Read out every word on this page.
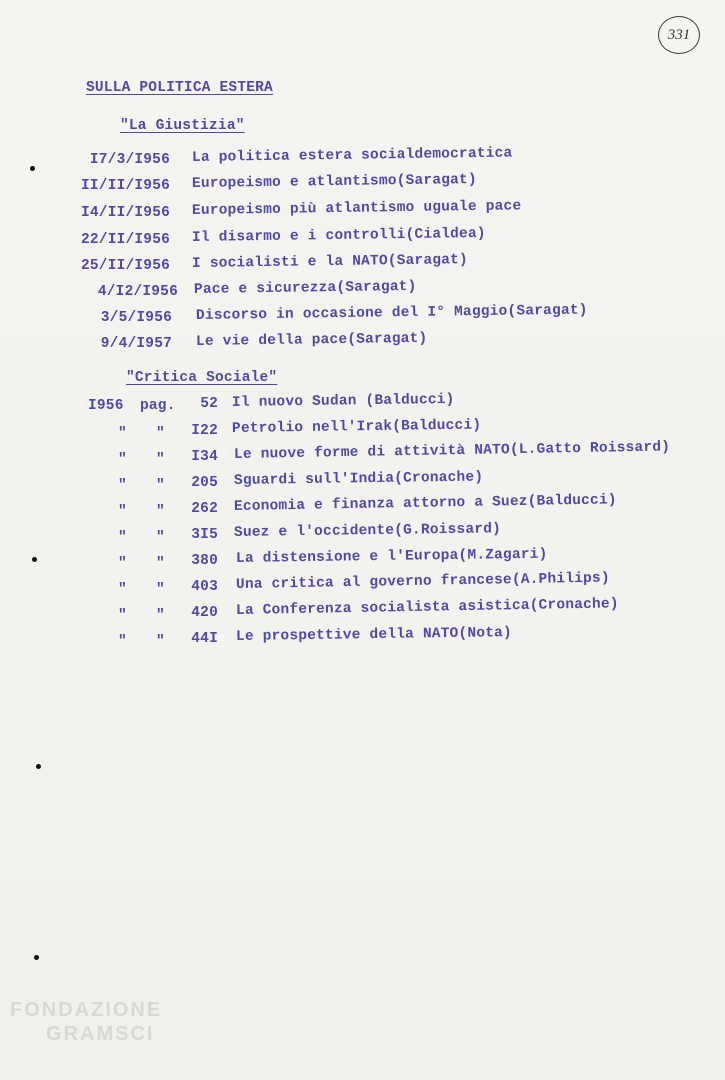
331
SULLA POLITICA ESTERA
"La Giustizia"
I7/3/I956 La politica estera socialdemocratica
II/II/I956 Europeismo e atlantismo(Saragat)
I4/II/I956 Europeismo più atlantismo uguale pace
22/II/I956 Il disarmo e i controlli(Cialdea)
25/II/I956 I socialisti e la NATO(Saragat)
4/I2/I956 Pace e sicurezza(Saragat)
3/5/I956 Discorso in occasione del I° Maggio(Saragat)
9/4/I957 Le vie della pace(Saragat)
"Critica Sociale"
I956 pag.	52 Il nuovo Sudan (Balducci)
" "	I22 Petrolio nell'Irak(Balducci)
" "	I34 Le nuove forme di attività NATO(L.Gatto Roissard)
" "	205 Sguardi sull'India(Cronache)
" "	262 Economia e finanza attorno a Suez(Balducci)
" "	3I5 Suez e l'occidente(G.Roissard)
" "	380 La distensione e l'Europa(M.Zagari)
" "	403 Una critica al governo francese(A.Philips)
" "	420 La Conferenza socialista asistica(Cronache)
" "	44I Le prospettive della NATO(Nota)
FONDAZIONE
GRAMSCI
